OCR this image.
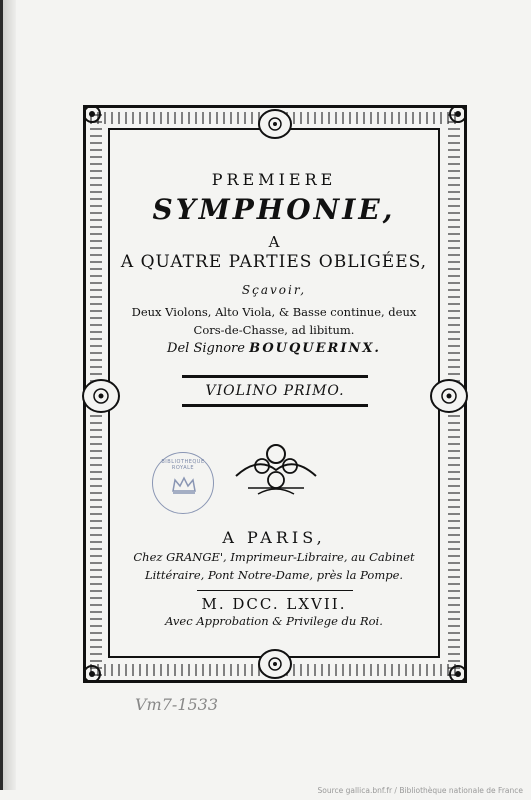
PREMIERE
SYMPHONIE,
A
A QUATRE PARTIES OBLIGÉES,
Sçavoir,
Deux Violons, Alto Viola, & Basse continue, deux Cors-de-Chasse, ad libitum.
Del Signore BOUQUERINX.
VIOLINO PRIMO.
BIBLIOTHEQUE ROYALE
A PARIS,
Chez GRANGE', Imprimeur-Libraire, au Cabinet Littéraire, Pont Notre-Dame, près la Pompe.
M. DCC. LXVII.
Avec Approbation & Privilege du Roi.
Vm7-1533
Source gallica.bnf.fr / Bibliothèque nationale de France
